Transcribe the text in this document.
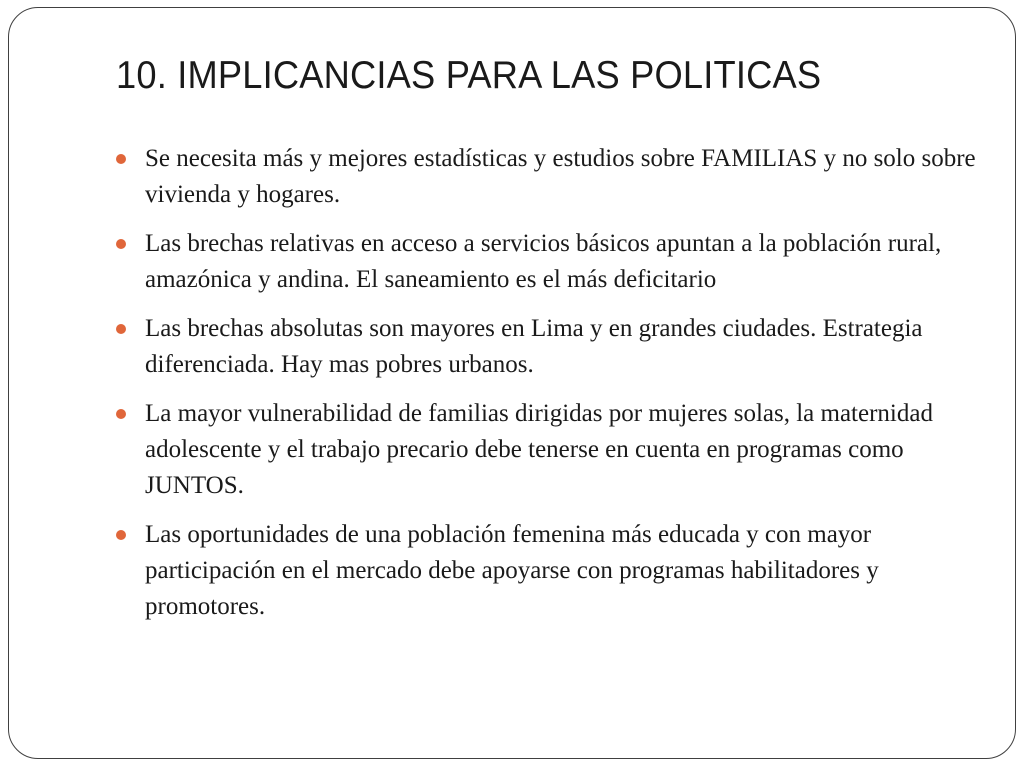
10. IMPLICANCIAS PARA LAS POLITICAS
Se necesita más y mejores estadísticas y estudios sobre FAMILIAS y no solo sobre vivienda y hogares.
Las brechas relativas en acceso a servicios básicos apuntan a la población rural, amazónica y andina. El saneamiento es el más deficitario
Las brechas absolutas son mayores en Lima y en grandes ciudades. Estrategia diferenciada. Hay mas pobres urbanos.
La mayor vulnerabilidad de familias dirigidas por mujeres solas, la maternidad adolescente y el trabajo precario debe tenerse en cuenta en programas como JUNTOS.
Las oportunidades de una población femenina más educada y con mayor participación en el mercado debe apoyarse con programas habilitadores y promotores.
